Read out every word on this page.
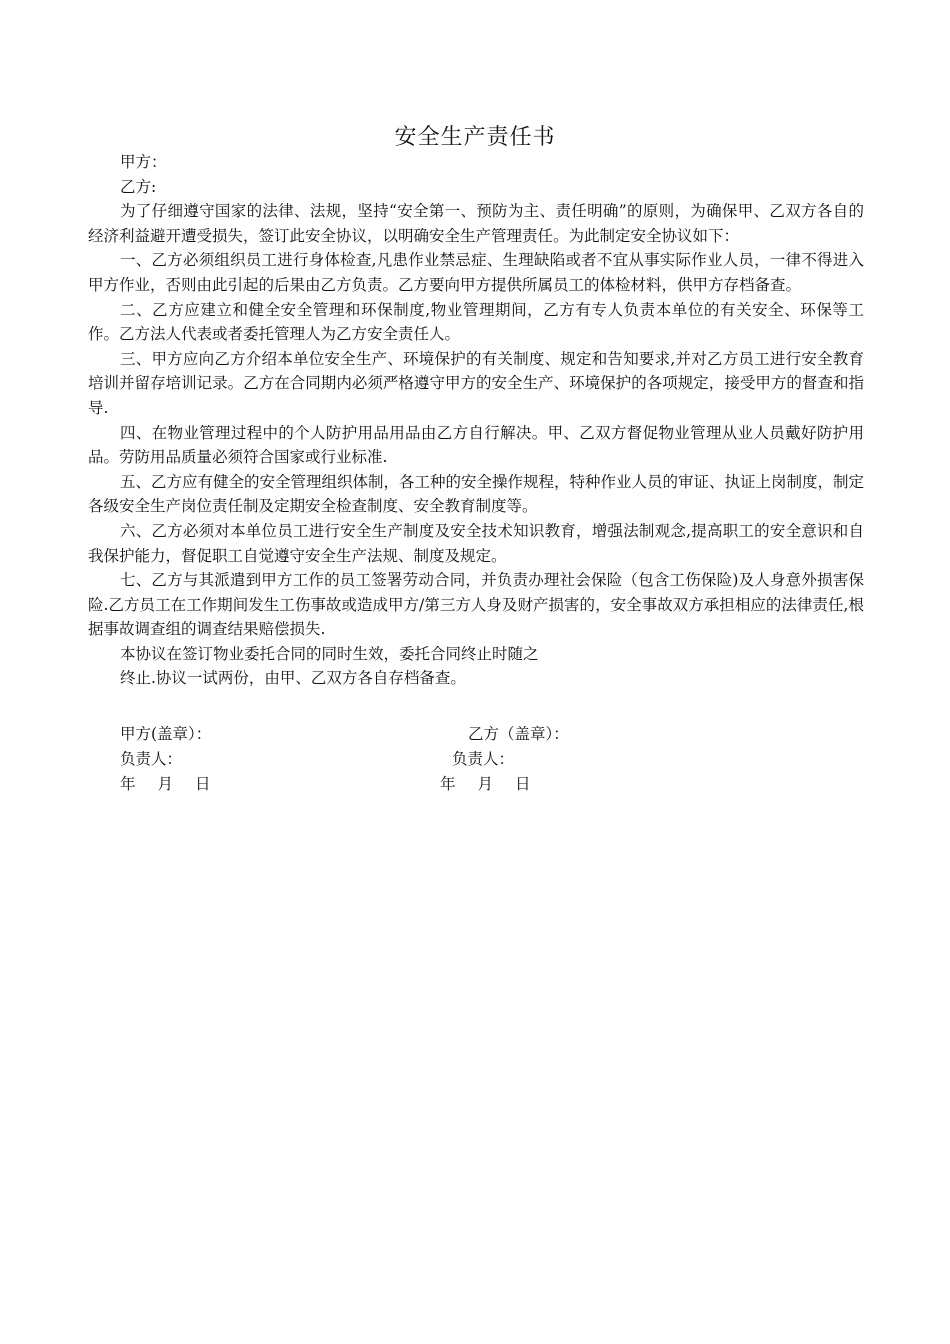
安全生产责任书

甲方：

乙方:

为了仔细遵守国家的法律、法规，坚持“安全第一、预防为主、责任明确”的原则，为确保甲、乙双方各自的经济利益避开遭受损失，签订此安全协议，以明确安全生产管理责任。为此制定安全协议如下：

一、乙方必须组织员工进行身体检查,凡患作业禁忌症、生理缺陷或者不宜从事实际作业人员，一律不得进入甲方作业，否则由此引起的后果由乙方负责。乙方要向甲方提供所属员工的体检材料，供甲方存档备查。

二、乙方应建立和健全安全管理和环保制度,物业管理期间，乙方有专人负责本单位的有关安全、环保等工作。乙方法人代表或者委托管理人为乙方安全责任人。

三、甲方应向乙方介绍本单位安全生产、环境保护的有关制度、规定和告知要求,并对乙方员工进行安全教育培训并留存培训记录。乙方在合同期内必须严格遵守甲方的安全生产、环境保护的各项规定，接受甲方的督查和指导.

四、在物业管理过程中的个人防护用品用品由乙方自行解决。甲、乙双方督促物业管理从业人员戴好防护用品。劳防用品质量必须符合国家或行业标准.

五、乙方应有健全的安全管理组织体制，各工种的安全操作规程，特种作业人员的审证、执证上岗制度，制定各级安全生产岗位责任制及定期安全检查制度、安全教育制度等。

六、乙方必须对本单位员工进行安全生产制度及安全技术知识教育，增强法制观念,提高职工的安全意识和自我保护能力，督促职工自觉遵守安全生产法规、制度及规定。

七、乙方与其派遣到甲方工作的员工签署劳动合同，并负责办理社会保险（包含工伤保险)及人身意外损害保险.乙方员工在工作期间发生工伤事故或造成甲方/第三方人身及财产损害的，安全事故双方承担相应的法律责任,根据事故调查组的调查结果赔偿损失.

本协议在签订物业委托合同的同时生效，委托合同终止时随之

终止.协议一试两份，由甲、乙双方各自存档备查。

甲方(盖章）：	乙方（盖章）：
负责人：	负责人：
年 月 日	年 月 日
